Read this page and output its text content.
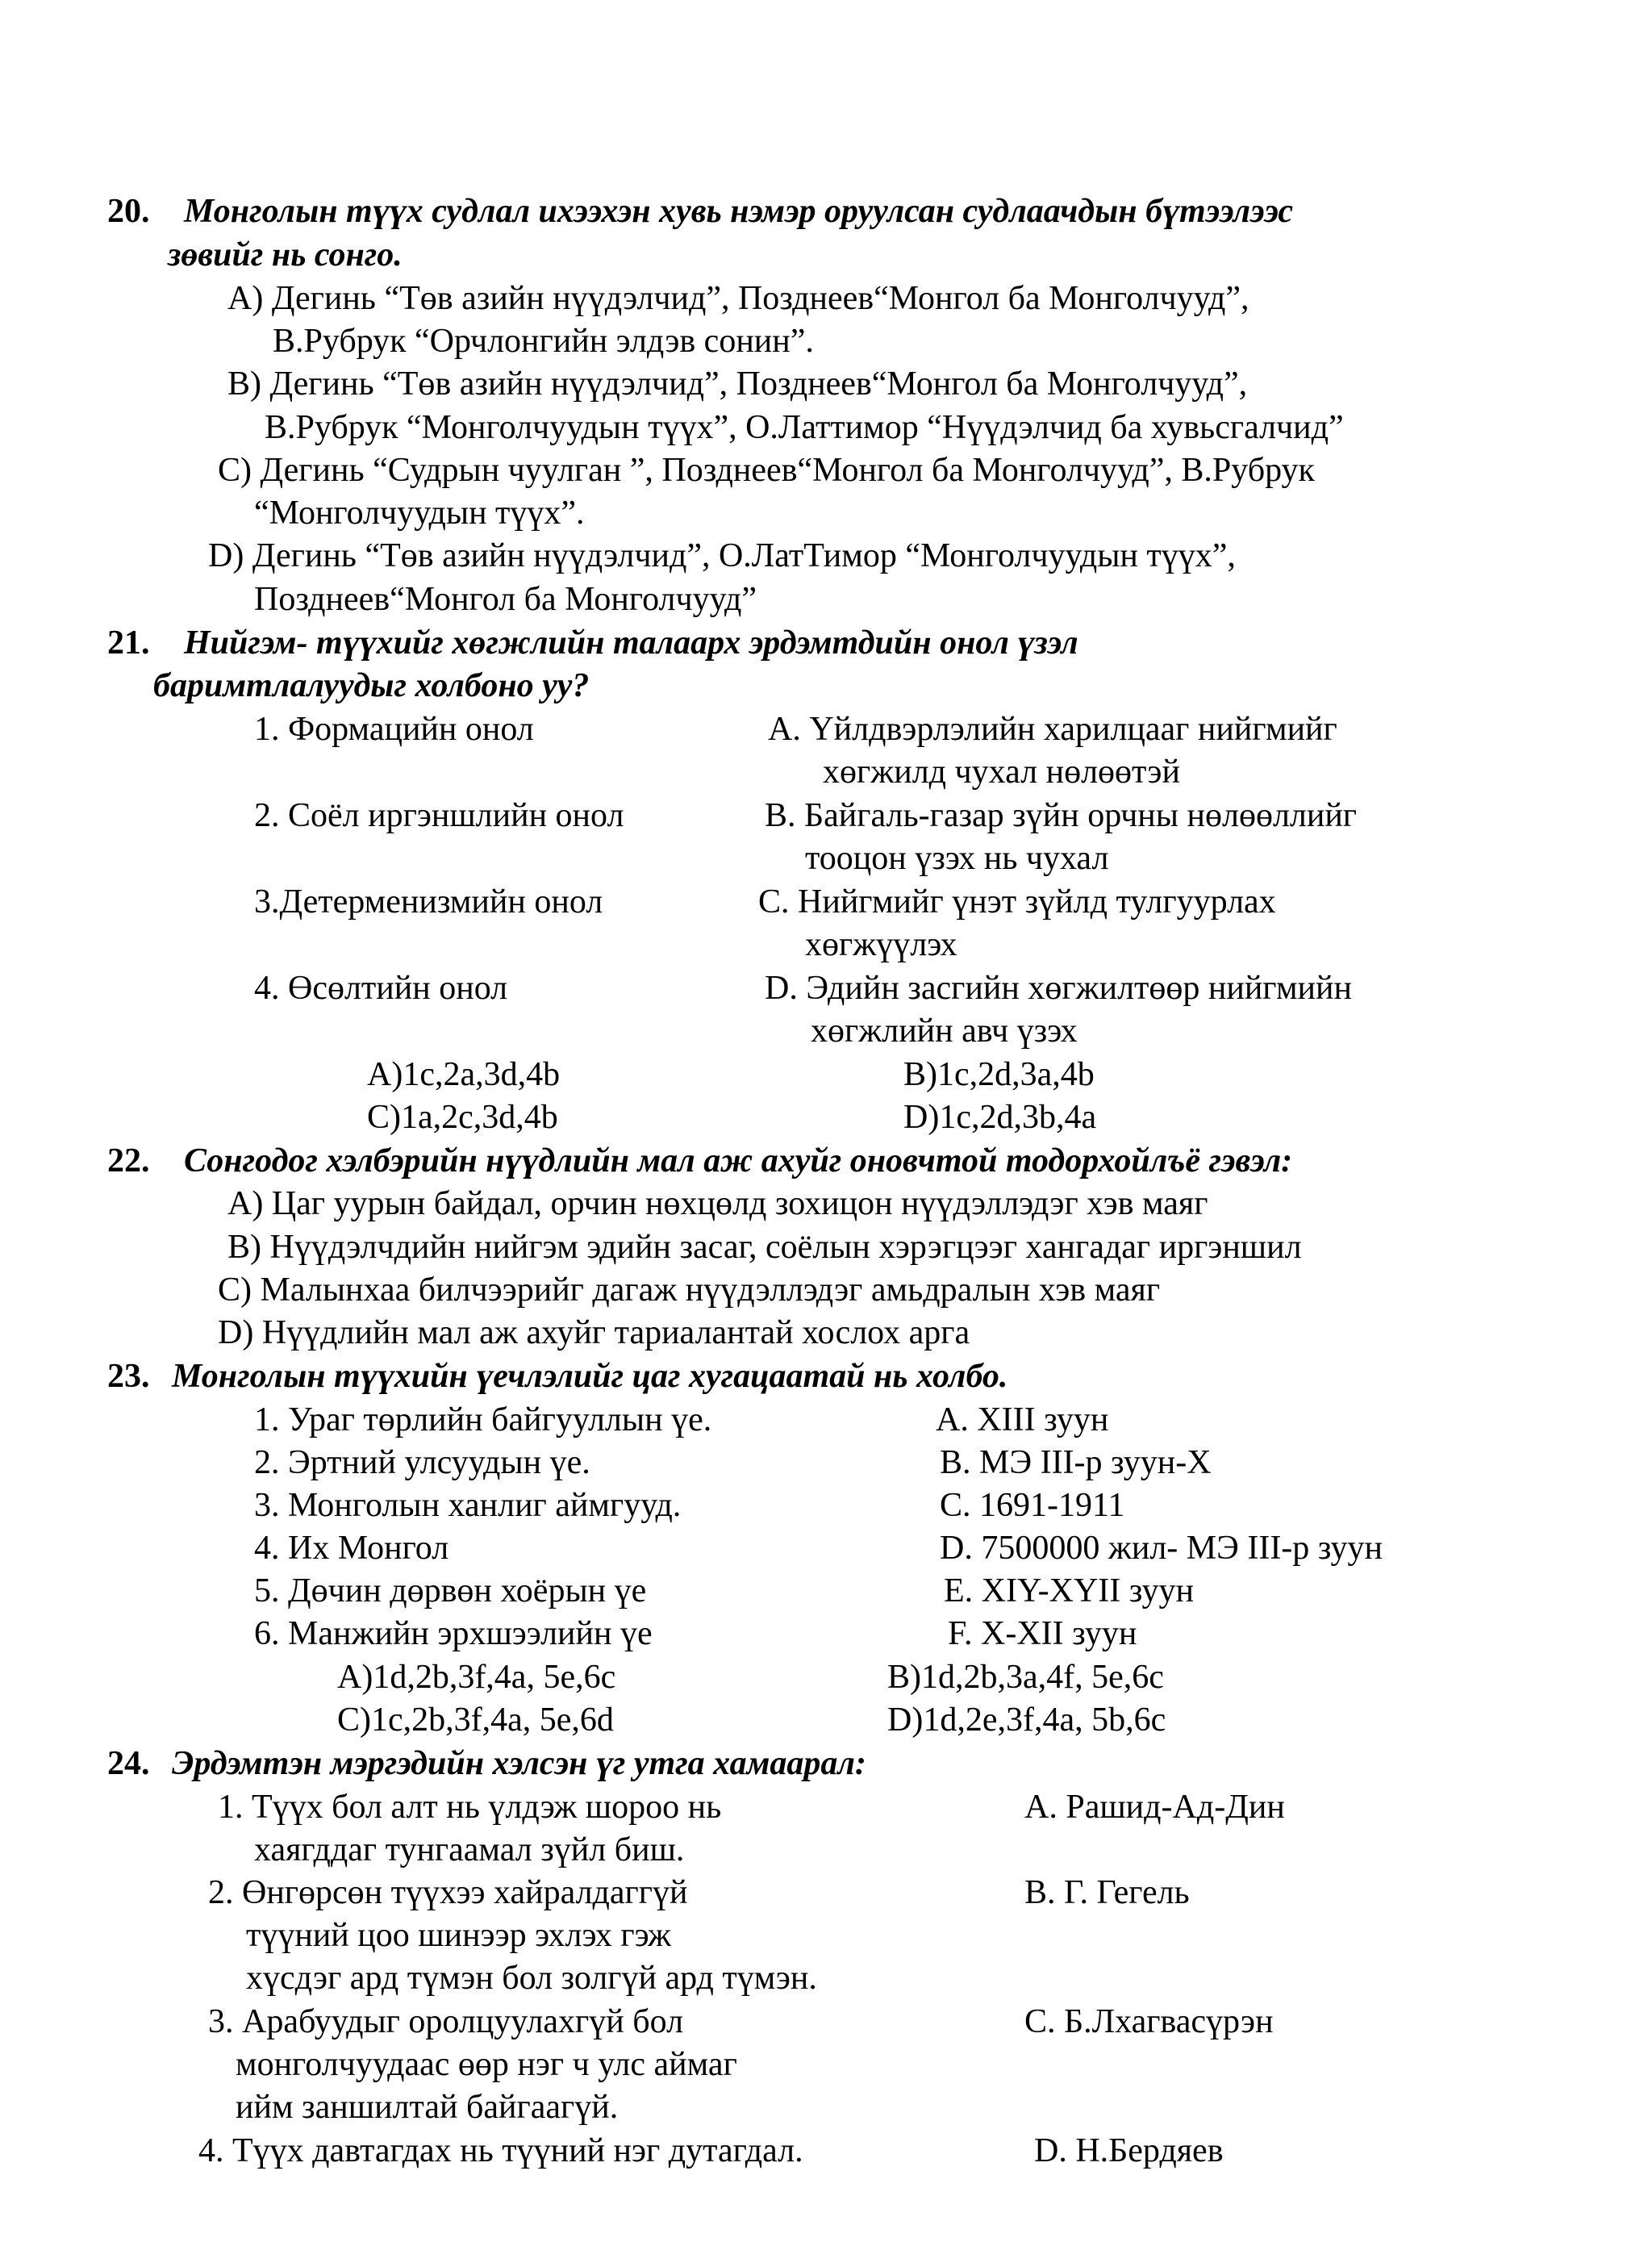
20. Монголын түүх судлал ихээхэн хувь нэмэр оруулсан судлаачдын бүтээлээс
зөвийг нь сонго.
A) Дегинь “Төв азийн нүүдэлчид”, Позднеев“Монгол ба Монголчууд”,
В.Рубрук “Орчлонгийн элдэв сонин”.
B) Дегинь “Төв азийн нүүдэлчид”, Позднеев“Монгол ба Монголчууд”,
В.Рубрук “Монголчуудын түүх”, О.Латтимор “Нүүдэлчид ба хувьсгалчид”
C) Дегинь “Судрын чуулган ”, Позднеев“Монгол ба Монголчууд”, В.Рубрук
“Монголчуудын түүх”.
D) Дегинь “Төв азийн нүүдэлчид”, О.ЛатТимор “Монголчуудын түүх”,
Позднеев“Монгол ба Монголчууд”
21. Нийгэм- түүхийг хөгжлийн талаарх эрдэмтдийн онол үзэл
баримтлалуудыг холбоно уу?
1. Формацийн онол	A. Үйлдвэрлэлийн харилцааг нийгмийг
хөгжилд чухал нөлөөтэй
2. Соёл иргэншлийн онол	B. Байгаль-газар зүйн орчны нөлөөллийг
тооцон үзэх нь чухал
3.Детерменизмийн онол	C. Нийгмийг үнэт зүйлд тулгуурлах
хөгжүүлэх
4. Өсөлтийн онол	D. Эдийн засгийн хөгжилтөөр нийгмийн
хөгжлийн авч үзэх
A)1c,2a,3d,4b	B)1c,2d,3a,4b
C)1a,2c,3d,4b	D)1c,2d,3b,4a
22. Сонгодог хэлбэрийн нүүдлийн мал аж ахуйг оновчтой тодорхойлъё гэвэл:
A) Цаг уурын байдал, орчин нөхцөлд зохицон нүүдэллэдэг хэв маяг
B) Нүүдэлчдийн нийгэм эдийн засаг, соёлын хэрэгцээг хангадаг иргэншил
C) Малынхаа билчээрийг дагаж нүүдэллэдэг амьдралын хэв маяг
D) Нүүдлийн мал аж ахуйг тариалантай хослох арга
23. Монголын түүхийн үечлэлийг цаг хугацаатай нь холбо.
1. Ураг төрлийн байгууллын үе.	A. XIII зуун
2. Эртний улсуудын үе.	B. МЭ III-р зуун-X
3. Монголын ханлиг аймгууд.	C. 1691-1911
4. Их Монгол	D. 7500000 жил- МЭ III-р зуун
5. Дөчин дөрвөн хоёрын үе	E. XIY-XYII зуун
6. Манжийн эрхшээлийн үе	F. X-XII зуун
A)1d,2b,3f,4a, 5e,6c	B)1d,2b,3a,4f, 5e,6c
C)1c,2b,3f,4a, 5e,6d	D)1d,2e,3f,4a, 5b,6c
24. Эрдэмтэн мэргэдийн хэлсэн үг утга хамаарал:
1. Түүх бол алт нь үлдэж шороо нь	A. Рашид-Ад-Дин
хаягддаг тунгаамал зүйл биш.
2. Өнгөрсөн түүхээ хайралдаггүй	B. Г. Гегель
түүний цоо шинээр эхлэх гэж
хүсдэг ард түмэн бол золгүй ард түмэн.
3. Арабуудыг оролцуулахгүй бол	C. Б.Лхагвасүрэн
монголчуудаас өөр нэг ч улс аймаг
ийм заншилтай байгаагүй.
4. Түүх давтагдах нь түүний нэг дутагдал.	D. Н.Бердяев
